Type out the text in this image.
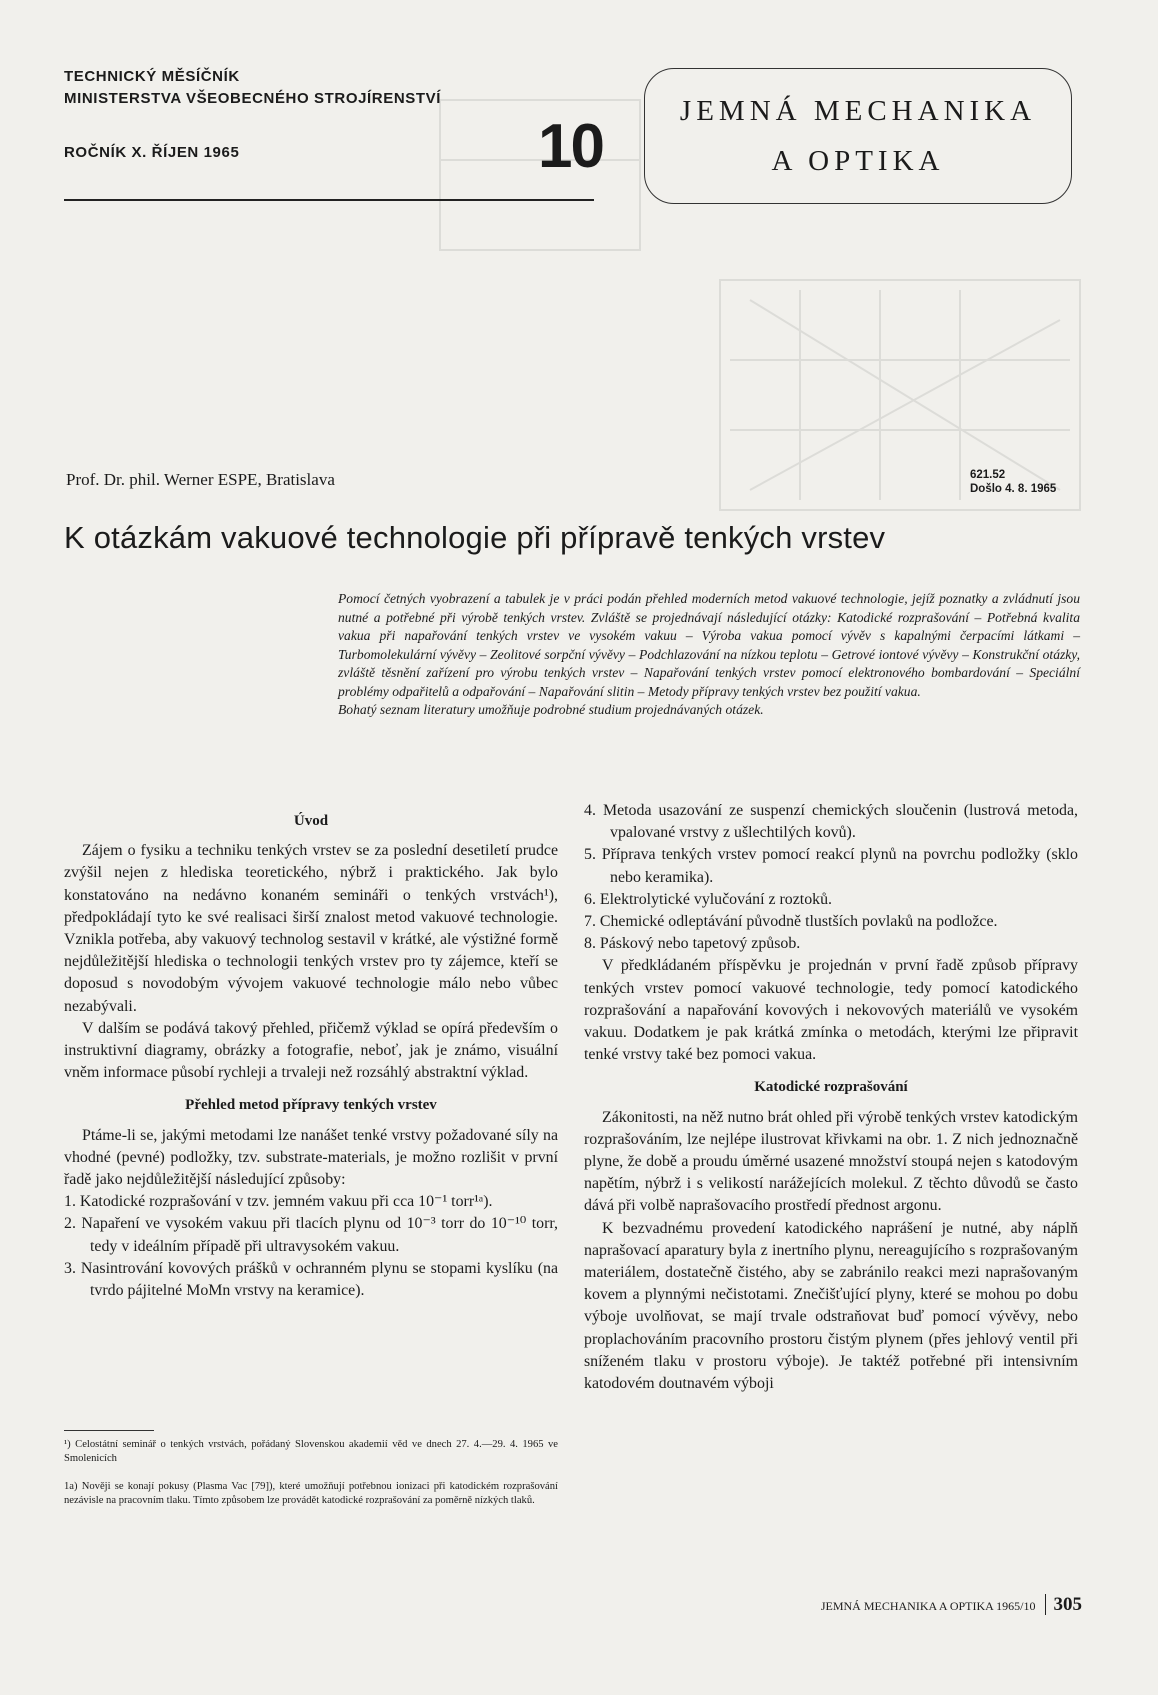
TECHNICKÝ MĚSÍČNÍK
MINISTERSTVA VŠEOBECNÉHO STROJÍRENSTVÍ
ROČNÍK X. ŘÍJEN 1965	10
JEMNÁ MECHANIKA
A OPTIKA
Prof. Dr. phil. Werner ESPE, Bratislava	621.52
Došlo 4. 8. 1965
K otázkám vakuové technologie při přípravě tenkých vrstev

Pomocí četných vyobrazení a tabulek je v práci podán přehled moderních metod vakuové technologie, jejíž poznatky a zvládnutí jsou nutné a potřebné při výrobě tenkých vrstev. Zvláště se projednávají následující otázky: Katodické rozprašování – Potřebná kvalita vakua při napařování tenkých vrstev ve vysokém vakuu – Výroba vakua pomocí vývěv s kapalnými čerpacími látkami – Turbomolekulární vývěvy – Zeolitové sorpční vývěvy – Podchlazování na nízkou teplotu – Getrové iontové vývěvy – Konstrukční otázky, zvláště těsnění zařízení pro výrobu tenkých vrstev – Napařování tenkých vrstev pomocí elektronového bombardování – Speciální problémy odpařitelů a odpařování – Napařování slitin – Metody přípravy tenkých vrstev bez použití vakua.

Bohatý seznam literatury umožňuje podrobné studium projednávaných otázek.

Úvod

Zájem o fysiku a techniku tenkých vrstev se za poslední desetiletí prudce zvýšil nejen z hlediska teoretického, nýbrž i praktického. Jak bylo konstatováno na nedávno konaném semináři o tenkých vrstvách¹), předpokládají tyto ke své realisaci širší znalost metod vakuové technologie. Vznikla potřeba, aby vakuový technolog sestavil v krátké, ale výstižné formě nejdůležitější hlediska o technologii tenkých vrstev pro ty zájemce, kteří se doposud s novodobým vývojem vakuové technologie málo nebo vůbec nezabývali.

V dalším se podává takový přehled, přičemž výklad se opírá především o instruktivní diagramy, obrázky a fotografie, neboť, jak je známo, visuální vněm informace působí rychleji a trvaleji než rozsáhlý abstraktní výklad.

Přehled metod přípravy tenkých vrstev

Ptáme-li se, jakými metodami lze nanášet tenké vrstvy požadované síly na vhodné (pevné) podložky, tzv. substrate-materials, je možno rozlišit v první řadě jako nejdůležitější následující způsoby:

1. Katodické rozprašování v tzv. jemném vakuu při cca 10⁻¹ torr¹ᵃ).

2. Napaření ve vysokém vakuu při tlacích plynu od 10⁻³ torr do 10⁻¹⁰ torr, tedy v ideálním případě při ultravysokém vakuu.

3. Nasintrování kovových prášků v ochranném plynu se stopami kyslíku (na tvrdo pájitelné MoMn vrstvy na keramice).

¹) Celostátní seminář o tenkých vrstvách, pořádaný Slovenskou akademií věd ve dnech 27. 4.—29. 4. 1965 ve Smolenicích
1a) Nověji se konají pokusy (Plasma Vac [79]), které umožňují potřebnou ionizaci při katodickém rozprašování nezávisle na pracovním tlaku. Tímto způsobem lze provádět katodické rozprašování za poměrně nízkých tlaků.

4. Metoda usazování ze suspenzí chemických sloučenin (lustrová metoda, vpalované vrstvy z ušlechtilých kovů).

5. Příprava tenkých vrstev pomocí reakcí plynů na povrchu podložky (sklo nebo keramika).

6. Elektrolytické vylučování z roztoků.

7. Chemické odleptávání původně tlustších povlaků na podložce.

8. Páskový nebo tapetový způsob.

V předkládaném příspěvku je projednán v první řadě způsob přípravy tenkých vrstev pomocí vakuové technologie, tedy pomocí katodického rozprašování a napařování kovových i nekovových materiálů ve vysokém vakuu. Dodatkem je pak krátká zmínka o metodách, kterými lze připravit tenké vrstvy také bez pomoci vakua.

Katodické rozprašování

Zákonitosti, na něž nutno brát ohled při výrobě tenkých vrstev katodickým rozprašováním, lze nejlépe ilustrovat křivkami na obr. 1. Z nich jednoznačně plyne, že době a proudu úměrné usazené množství stoupá nejen s katodovým napětím, nýbrž i s velikostí narážejících molekul. Z těchto důvodů se často dává při volbě naprašovacího prostředí přednost argonu.

K bezvadnému provedení katodického naprášení je nutné, aby náplň naprašovací aparatury byla z inertního plynu, nereagujícího s rozprašovaným materiálem, dostatečně čistého, aby se zabránilo reakci mezi naprašovaným kovem a plynnými nečistotami. Znečišťující plyny, které se mohou po dobu výboje uvolňovat, se mají trvale odstraňovat buď pomocí vývěvy, nebo proplachováním pracovního prostoru čistým plynem (přes jehlový ventil při sníženém tlaku v prostoru výboje). Je taktéž potřebné při intensivním katodovém doutnavém výboji

JEMNÁ MECHANIKA A OPTIKA 1965/10 305
